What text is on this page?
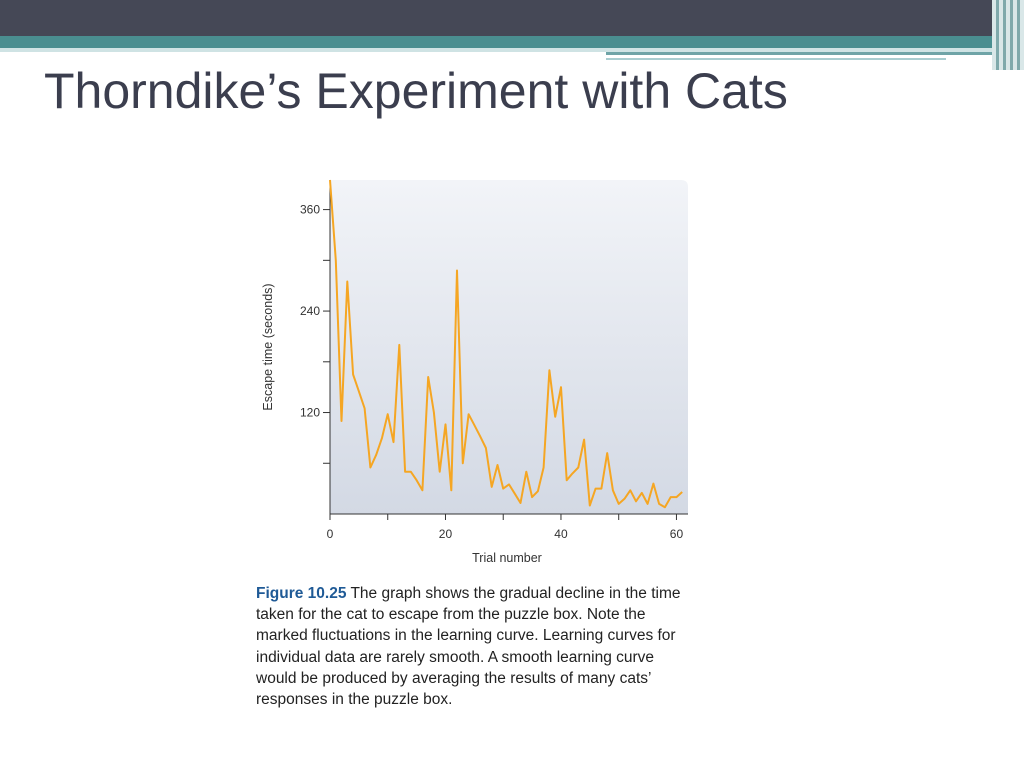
Thorndike’s Experiment with Cats
0	20	40	60
120
240
360
Trial number
Escape time (seconds)

Figure 10.25 The graph shows the gradual decline in the time taken for the cat to escape from the puzzle box. Note the marked fluctuations in the learning curve. Learning curves for individual data are rarely smooth. A smooth learning curve would be produced by averaging the results of many cats’ responses in the puzzle box.
